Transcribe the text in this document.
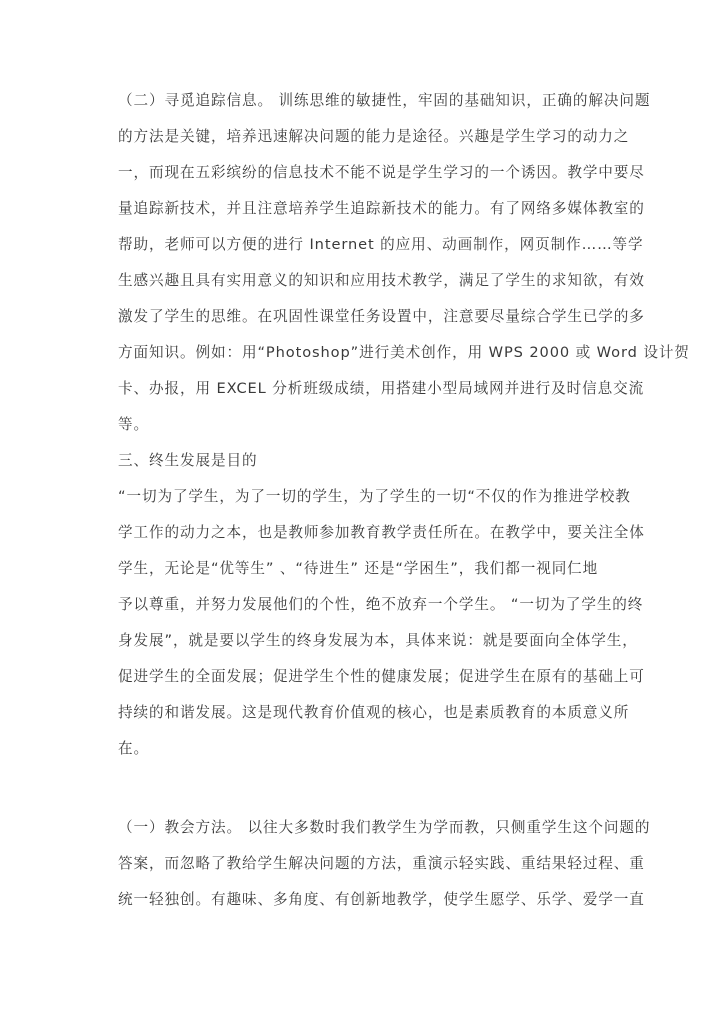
（二）寻觅追踪信息。 训练思维的敏捷性，牢固的基础知识，正确的解决问题
的方法是关键，培养迅速解决问题的能力是途径。兴趣是学生学习的动力之
一，而现在五彩缤纷的信息技术不能不说是学生学习的一个诱因。教学中要尽
量追踪新技术，并且注意培养学生追踪新技术的能力。有了网络多媒体教室的
帮助，老师可以方便的进行 Internet 的应用、动画制作，网页制作……等学
生感兴趣且具有实用意义的知识和应用技术教学，满足了学生的求知欲，有效
激发了学生的思维。在巩固性课堂任务设置中，注意要尽量综合学生已学的多
方面知识。例如：用“Photoshop”进行美术创作，用 WPS 2000 或 Word 设计贺
卡、办报，用 EXCEL 分析班级成绩，用搭建小型局域网并进行及时信息交流
等。
三、终生发展是目的
“一切为了学生，为了一切的学生，为了学生的一切“不仅的作为推进学校教
学工作的动力之本，也是教师参加教育教学责任所在。在教学中，要关注全体
学生，无论是“优等生” 、“待进生” 还是“学困生”，我们都一视同仁地
予以尊重，并努力发展他们的个性，绝不放弃一个学生。 “一切为了学生的终
身发展”，就是要以学生的终身发展为本，具体来说：就是要面向全体学生，
促进学生的全面发展；促进学生个性的健康发展；促进学生在原有的基础上可
持续的和谐发展。这是现代教育价值观的核心，也是素质教育的本质意义所
在。
（一）教会方法。 以往大多数时我们教学生为学而教，只侧重学生这个问题的
答案，而忽略了教给学生解决问题的方法，重演示轻实践、重结果轻过程、重
统一轻独创。有趣味、多角度、有创新地教学，使学生愿学、乐学、爱学一直
